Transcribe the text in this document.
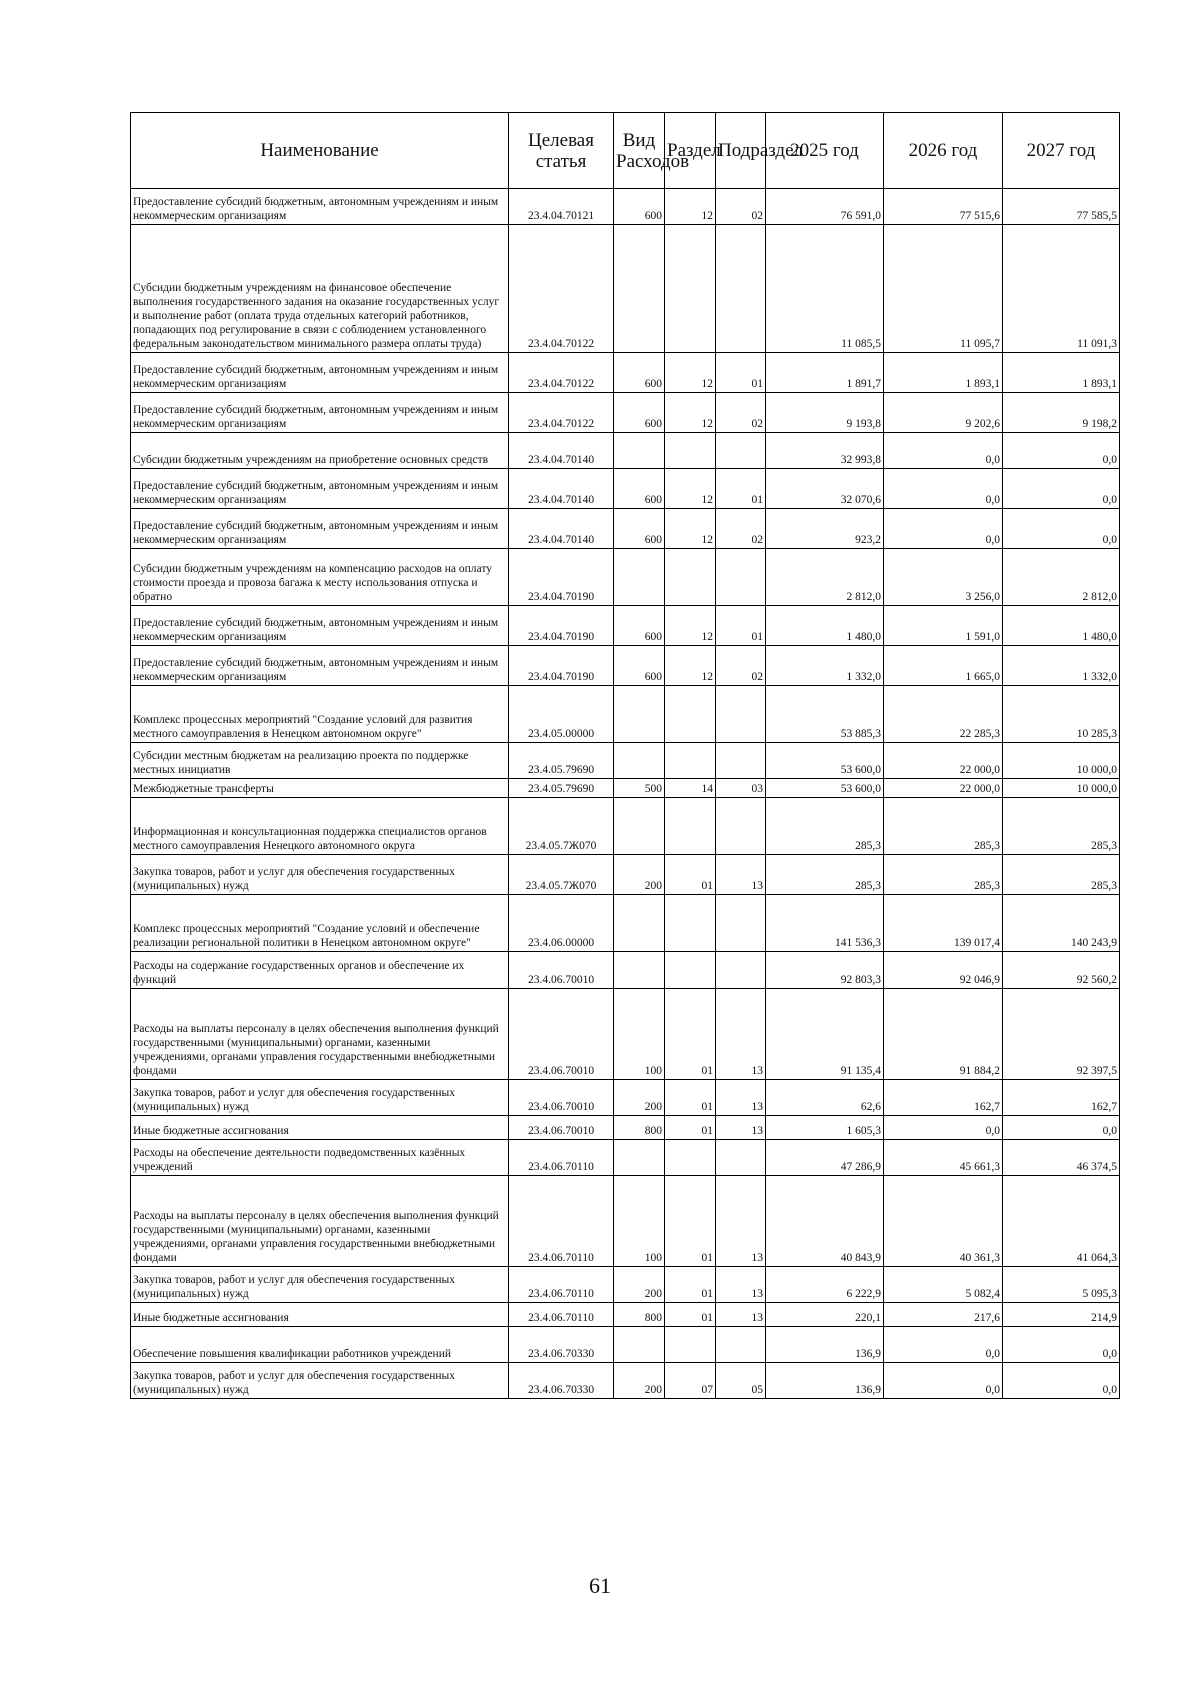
Наименование	Целевая статья	Вид Расходов	Раздел	Подраздел	2025 год	2026 год	2027 год
Предоставление субсидий бюджетным, автономным учреждениям и иным некоммерческим организациям	23.4.04.70121	600	12	02	76 591,0	77 515,6	77 585,5
Субсидии бюджетным учреждениям на финансовое обеспечение выполнения государственного задания на оказание государственных услуг и выполнение работ (оплата труда отдельных категорий работников, попадающих под регулирование в связи с соблюдением установленного федеральным законодательством минимального размера оплаты труда)	23.4.04.70122				11 085,5	11 095,7	11 091,3
Предоставление субсидий бюджетным, автономным учреждениям и иным некоммерческим организациям	23.4.04.70122	600	12	01	1 891,7	1 893,1	1 893,1
Предоставление субсидий бюджетным, автономным учреждениям и иным некоммерческим организациям	23.4.04.70122	600	12	02	9 193,8	9 202,6	9 198,2
Субсидии бюджетным учреждениям на приобретение основных средств	23.4.04.70140				32 993,8	0,0	0,0
Предоставление субсидий бюджетным, автономным учреждениям и иным некоммерческим организациям	23.4.04.70140	600	12	01	32 070,6	0,0	0,0
Предоставление субсидий бюджетным, автономным учреждениям и иным некоммерческим организациям	23.4.04.70140	600	12	02	923,2	0,0	0,0
Субсидии бюджетным учреждениям на компенсацию расходов на оплату стоимости проезда и провоза багажа к месту использования отпуска и обратно	23.4.04.70190				2 812,0	3 256,0	2 812,0
Предоставление субсидий бюджетным, автономным учреждениям и иным некоммерческим организациям	23.4.04.70190	600	12	01	1 480,0	1 591,0	1 480,0
Предоставление субсидий бюджетным, автономным учреждениям и иным некоммерческим организациям	23.4.04.70190	600	12	02	1 332,0	1 665,0	1 332,0
Комплекс процессных мероприятий "Создание условий для развития местного самоуправления в Ненецком автономном округе"	23.4.05.00000				53 885,3	22 285,3	10 285,3
Субсидии местным бюджетам на реализацию проекта по поддержке местных инициатив	23.4.05.79690				53 600,0	22 000,0	10 000,0
Межбюджетные трансферты	23.4.05.79690	500	14	03	53 600,0	22 000,0	10 000,0
Информационная и консультационная поддержка специалистов органов местного самоуправления Ненецкого автономного округа	23.4.05.7Ж070				285,3	285,3	285,3
Закупка товаров, работ и услуг для обеспечения государственных (муниципальных) нужд	23.4.05.7Ж070	200	01	13	285,3	285,3	285,3
Комплекс процессных мероприятий "Создание условий и обеспечение реализации региональной политики в Ненецком автономном округе"	23.4.06.00000				141 536,3	139 017,4	140 243,9
Расходы на содержание государственных органов и обеспечение их функций	23.4.06.70010				92 803,3	92 046,9	92 560,2
Расходы на выплаты персоналу в целях обеспечения выполнения функций государственными (муниципальными) органами, казенными учреждениями, органами управления государственными внебюджетными фондами	23.4.06.70010	100	01	13	91 135,4	91 884,2	92 397,5
Закупка товаров, работ и услуг для обеспечения государственных (муниципальных) нужд	23.4.06.70010	200	01	13	62,6	162,7	162,7
Иные бюджетные ассигнования	23.4.06.70010	800	01	13	1 605,3	0,0	0,0
Расходы на обеспечение деятельности подведомственных казённых учреждений	23.4.06.70110				47 286,9	45 661,3	46 374,5
Расходы на выплаты персоналу в целях обеспечения выполнения функций государственными (муниципальными) органами, казенными учреждениями, органами управления государственными внебюджетными фондами	23.4.06.70110	100	01	13	40 843,9	40 361,3	41 064,3
Закупка товаров, работ и услуг для обеспечения государственных (муниципальных) нужд	23.4.06.70110	200	01	13	6 222,9	5 082,4	5 095,3
Иные бюджетные ассигнования	23.4.06.70110	800	01	13	220,1	217,6	214,9
Обеспечение повышения квалификации работников учреждений	23.4.06.70330				136,9	0,0	0,0
Закупка товаров, работ и услуг для обеспечения государственных (муниципальных) нужд	23.4.06.70330	200	07	05	136,9	0,0	0,0
61
